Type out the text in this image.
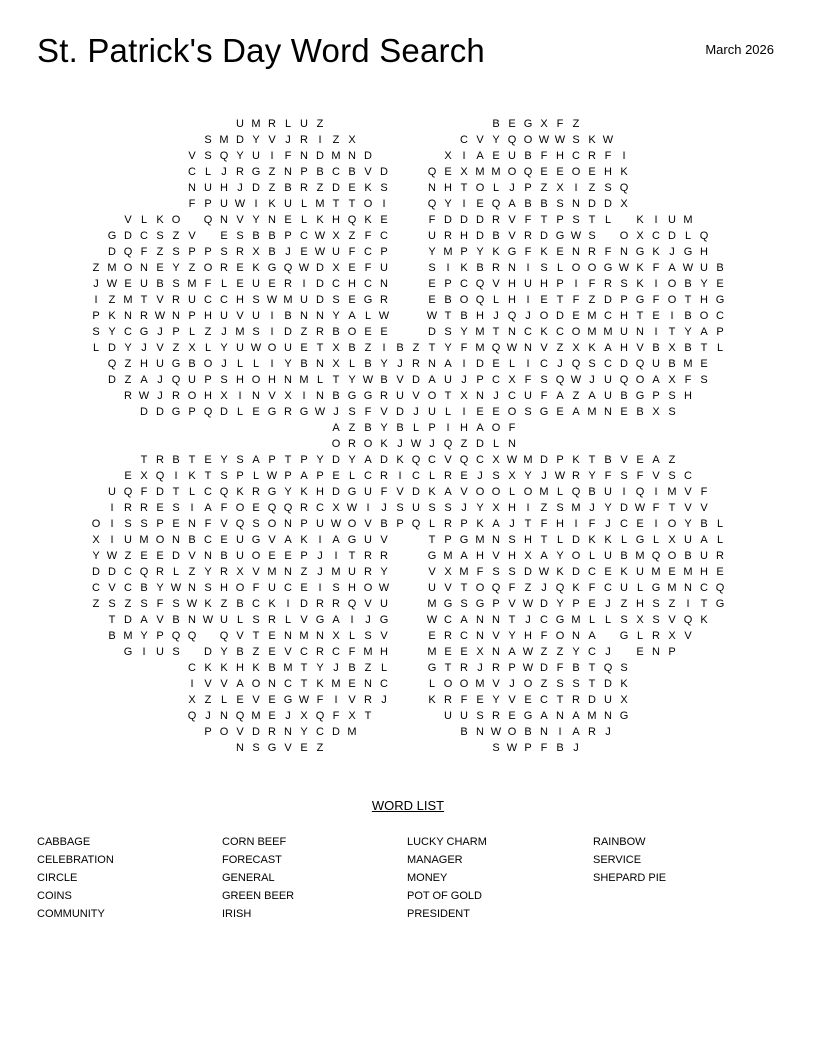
St. Patrick's Day Word Search	March 2026
U M R L U Z	B E G X F Z
S M D Y V J R I	Z X	C V Y Q O W W S K W
V S Q Y U I	F N D M N D	X I A E U B F H C R F	I
C L J R G Z N P B C B V D	Q E X M M O Q E E O E H K
N U H J D Z B R Z D E K S	N H T O L J P Z X I	Z S Q
F P U W I K U L M T T O I	Q Y I E Q A B B S N D D X
V L K O	Q N V Y N E L K H Q K E	F D D D R V F T P S T L	K I U M
G D C S Z V	E S B B P C W X Z F C	U R H D B V R D G W S	O X C D L Q
D Q F Z S P P S R X B J E W U F C P	Y M P Y K G F K E N R F N G K J G H
Z M O N E Y Z O R E K G Q W D X E F U	S I K B R N I S L O O G W K F A W U B
J W E U B S M F L E U E R I D C H C N	E P C Q V H U H P I	F R S K I O B Y E
I	Z M T V R U C C H S W M U D S E G R	E B O Q L H I E T F Z D P G F O T H G
P K N R W N P H U V U I B N N Y A L W	W T B H J Q J O D E M C H T E I B O C
S Y C G J P L Z J M S I D Z R B O E E	D S Y M T N C K C O M M U N I	T Y A P
L D Y J V Z X L Y U W O U E T X B Z	I B Z T Y F M Q W N V Z X K A H V B X B T L
Q Z H U G B O J L L	I Y B N X L B Y J R N A I D E L	I C J Q S C D Q U B M E
D Z A J Q U P S H O H N M L T Y W B V D A U J P C X F S Q W J U Q O A X F S
R W J R O H X I N V X I N B G G R U V O T X N J C U F A Z A U B G P S H
D D G P Q D L E G R G W J S F V D J U L	I E E O S G E A M N E B X S
A Z B Y B L P I H A O F
O R O K J W J Q Z D L N
T R B T E Y S A P T P Y D Y A D K Q C V Q C X W M D P K T B V E A Z
E X Q I K T S P L W P A P E L C R I C L R E J S X Y J W R Y F S F V S C
U Q F D T L C Q K R G Y K H D G U F V D K A V O O L O M L Q B U I Q I M V F
I R R E S I A F O E Q Q R C X W I	J S U S S J Y X H I	Z S M J Y D W F T V V
O I S S P E N F V Q S O N P U W O V B P Q L R P K A J T F H I	F J C E I O Y B L
X I U M O N B C E U G V A K I A G U V	T P G M N S H T L D K K L G L X U A L
Y W Z E E D V N B U O E E P J	I	T R R	G M A H V H X A Y O L U B M Q O B U R
D D C Q R L Z Y R X V M N Z J M U R Y	V X M F S S D W K D C E K U M E M H E
C V C B Y W N S H O F U C E I S H O W	U V T O Q F Z J Q K F C U L G M N C Q
Z S Z S F S W K Z B C K I D R R Q V U	M G S G P V W D Y P E J Z H S Z	I	T G
T D A V B N W U L S R L V G A I	J G	W C A N N T J C G M L L S X S V Q K
B M Y P Q Q	Q V T E N M N X L S V	E R C N V Y H F O N A	G L R X V
G I U S	D Y B Z E V C R C F M H	M E E X N A W Z Z Y C J	E N P
C K K H K B M T Y J B Z L	G T R J R P W D F B T Q S
I V V A O N C T K M E N C	L O O M V J O Z S S T D K
X Z L E V E G W F	I V R J	K R F E Y V E C T R D U X
Q J N Q M E J X Q F X T	U U S R E G A N A M N G
P O V D R N Y C D M	B N W O B N I A R J
N S G V E Z	S W P F B J
WORD LIST
CABBAGE
CELEBRATION
CIRCLE
COINS
COMMUNITY
CORN BEEF
FORECAST
GENERAL
GREEN BEER
IRISH
LUCKY CHARM
MANAGER
MONEY
POT OF GOLD
PRESIDENT
RAINBOW
SERVICE
SHEPARD PIE
